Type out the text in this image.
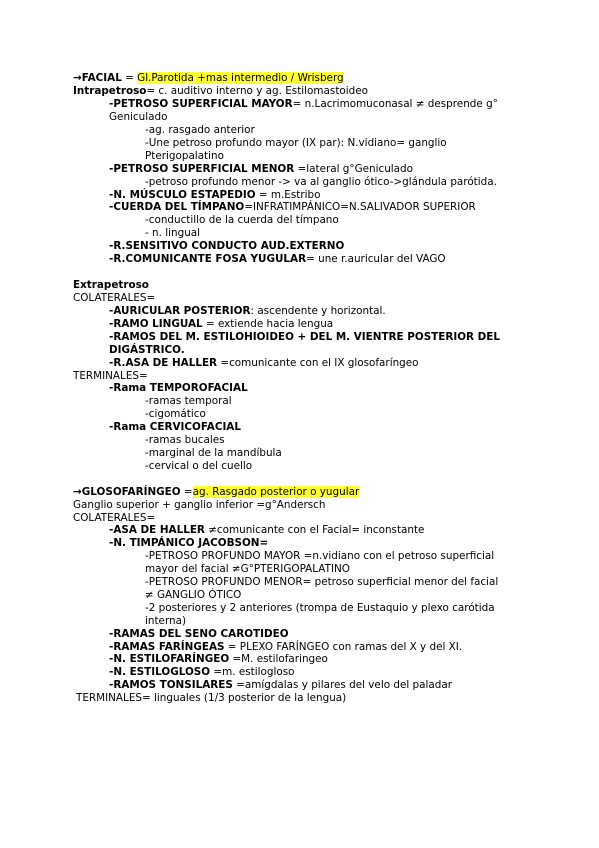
→FACIAL = Gl.Parotida +mas intermedio / Wrisberg
Intrapetroso= c. auditivo interno y ag. Estilomastoideo
-PETROSO SUPERFICIAL MAYOR= n.Lacrimomuconasal ≠ desprende g°
Geniculado
-ag. rasgado anterior
-Une petroso profundo mayor (IX par): N.vidiano= ganglio
Pterigopalatino
-PETROSO SUPERFICIAL MENOR =lateral g°Geniculado
-petroso profundo menor -> va al ganglio ótico->glándula parótida.
-N. MÚSCULO ESTAPEDIO = m.Estribo
-CUERDA DEL TÍMPANO=INFRATIMPÁNICO=N.SALIVADOR SUPERIOR
-conductillo de la cuerda del tímpano
- n. lingual
-R.SENSITIVO CONDUCTO AUD.EXTERNO
-R.COMUNICANTE FOSA YUGULAR= une r.auricular del VAGO
Extrapetroso
COLATERALES=
-AURICULAR POSTERIOR: ascendente y horizontal.
-RAMO LINGUAL = extiende hacia lengua
-RAMOS DEL M. ESTILOHIOIDEO + DEL M. VIENTRE POSTERIOR DEL
DIGÁSTRICO.
-R.ASA DE HALLER =comunicante con el IX glosofaríngeo
TERMINALES=
-Rama TEMPOROFACIAL
-ramas temporal
-cigomático
-Rama CERVICOFACIAL
-ramas bucales
-marginal de la mandíbula
-cervical o del cuello
→GLOSOFARÍNGEO =ag. Rasgado posterior o yugular
Ganglio superior + ganglio inferior =g°Andersch
COLATERALES=
-ASA DE HALLER ≠comunicante con el Facial= inconstante
-N. TIMPÁNICO JACOBSON=
-PETROSO PROFUNDO MAYOR =n.vidiano con el petroso superficial
mayor del facial ≠G°PTERIGOPALATINO
-PETROSO PROFUNDO MENOR= petroso superficial menor del facial
≠ GANGLIO ÓTICO
-2 posteriores y 2 anteriores (trompa de Eustaquio y plexo carótida
interna)
-RAMAS DEL SENO CAROTIDEO
-RAMAS FARÍNGEAS = PLEXO FARÍNGEO con ramas del X y del XI.
-N. ESTILOFARÍNGEO =M. estilofaringeo
-N. ESTILOGLOSO =m. estilogloso
-RAMOS TONSILARES =amígdalas y pilares del velo del paladar
TERMINALES= linguales (1/3 posterior de la lengua)
